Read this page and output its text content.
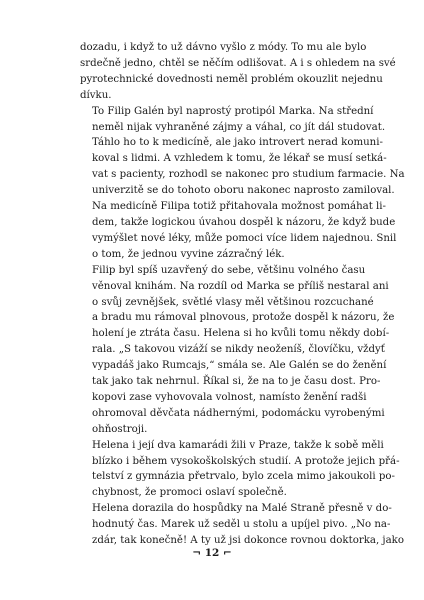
dozadu, i když to už dávno vyšlo z módy. To mu ale bylo
srdečně jedno, chtěl se něčím odlišovat. A i s ohledem na své
pyrotechnické dovednosti neměl problém okouzlit nejednu
dívku.
To Filip Galén byl naprostý protipól Marka. Na střední
neměl nijak vyhraněné zájmy a váhal, co jít dál studovat.
Táhlo ho to k medicíně, ale jako introvert nerad komuni-
koval s lidmi. A vzhledem k tomu, že lékař se musí setká-
vat s pacienty, rozhodl se nakonec pro studium farmacie. Na
univerzitě se do tohoto oboru nakonec naprosto zamiloval.
Na medicíně Filipa totiž přitahovala možnost pomáhat li-
dem, takže logickou úvahou dospěl k názoru, že když bude
vymýšlet nové léky, může pomoci více lidem najednou. Snil
o tom, že jednou vyvine zázračný lék.
Filip byl spíš uzavřený do sebe, většinu volného času
věnoval knihám. Na rozdíl od Marka se příliš nestaral ani
o svůj zevnějšek, světlé vlasy měl většinou rozcuchané
a bradu mu rámoval plnovous, protože dospěl k názoru, že
holení je ztráta času. Helena si ho kvůli tomu někdy dobí-
rala. „S takovou vizáží se nikdy neoženíš, človíčku, vždyť
vypadáš jako Rumcajs,“ smála se. Ale Galén se do ženění
tak jako tak nehrnul. Říkal si, že na to je času dost. Pro-
kopovi zase vyhovovala volnost, namísto ženění radši
ohromoval děvčata nádhernými, podomácku vyrobenými
ohňostroji.
Helena i její dva kamarádi žili v Praze, takže k sobě měli
blízko i během vysokoškolských studií. A protože jejich přá-
telství z gymnázia přetrvalo, bylo zcela mimo jakoukoli po-
chybnost, že promoci oslaví společně.
Helena dorazila do hospůdky na Malé Straně přesně v do-
hodnutý čas. Marek už seděl u stolu a upíjel pivo. „No na-
zdár, tak konečně! A ty už jsi dokonce rovnou doktorka, jako
¬ 12 ⌐
